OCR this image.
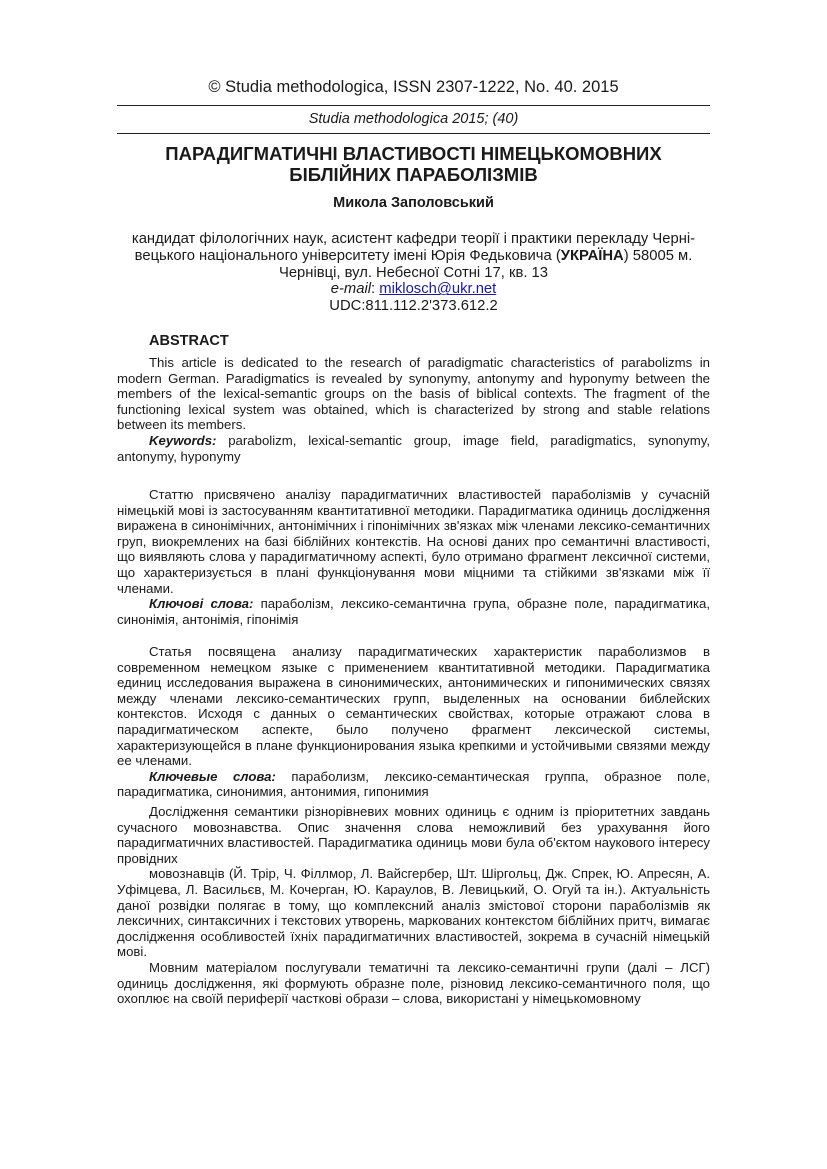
© Studia methodologica, ISSN 2307-1222, No. 40. 2015
Studia methodologica 2015; (40)
ПАРАДИГМАТИЧНІ ВЛАСТИВОСТІ НІМЕЦЬКОМОВНИХ
БІБЛІЙНИХ ПАРАБОЛІЗМІВ
Микола Заполовський
кандидат філологічних наук, асистент кафедри теорії і практики перекладу Черні-
вецького національного університету імені Юрія Федьковича (УКРАЇНА) 58005 м.
Чернівці, вул. Небесної Сотні 17, кв. 13
e-mail: miklosch@ukr.net
UDC:811.112.2'373.612.2
ABSTRACT

This article is dedicated to the research of paradigmatic characteristics of parabolizms in modern German. Paradigmatics is revealed by synonymy, antonymy and hyponymy between the members of the lexical-semantic groups on the basis of biblical contexts. The fragment of the functioning lexical system was obtained, which is characterized by strong and stable relations between its members.

Keywords: parabolizm, lexical-semantic group, image field, paradigmatics, synonymy, antonymy, hyponymy

Статтю присвячено аналізу парадигматичних властивостей параболізмів у сучасній німецькій мові із застосуванням квантитативної методики. Парадигматика одиниць дослідження виражена в синонімічних, антонімічних і гіпонімічних зв'язках між членами лексико-семантичних груп, виокремлених на базі біблійних контекстів. На основі даних про семантичні властивості, що виявляють слова у парадигматичному аспекті, було отримано фрагмент лексичної системи, що характеризується в плані функціонування мови міцними та стійкими зв'язками між її членами.

Ключові слова: параболізм, лексико-семантична група, образне поле, парадигматика, синонімія, антонімія, гіпонімія

Статья посвящена анализу парадигматических характеристик параболизмов в современном немецком языке с применением квантитативной методики. Парадигматика единиц исследования выражена в синонимических, антонимических и гипонимических связях между членами лексико-семантических групп, выделенных на основании библейских контекстов. Исходя с данных о семантических свойствах, которые отражают слова в парадигматическом аспекте, было получено фрагмент лексической системы, характеризующейся в плане функционирования языка крепкими и устойчивыми связями между ее членами.

Ключевые слова: параболизм, лексико-семантическая группа, образное поле, парадигматика, синонимия, антонимия, гипонимия

Дослідження семантики різнорівневих мовних одиниць є одним із пріоритетних завдань сучасного мовознавства. Опис значення слова неможливий без урахування його парадигматичних властивостей. Парадигматика одиниць мови була об'єктом наукового інтересу провідних

мовознавців (Й. Трір, Ч. Філлмор, Л. Вайсгербер, Шт. Шіргольц, Дж. Спрек, Ю. Апресян, А. Уфімцева, Л. Васильєв, М. Кочерган, Ю. Караулов, В. Левицький, О. Огуй та ін.). Актуальність даної розвідки полягає в тому, що комплексний аналіз змістової сторони параболізмів як лексичних, синтаксичних і текстових утворень, маркованих контекстом біблійних притч, вимагає дослідження особливостей їхніх парадигматичних властивостей, зокрема в сучасній німецькій мові.

Мовним матеріалом послугували тематичні та лексико-семантичні групи (далі – ЛСГ) одиниць дослідження, які формують образне поле, різновид лексико-семантичного поля, що охоплює на своїй периферії часткові образи – слова, використані у німецькомовному
